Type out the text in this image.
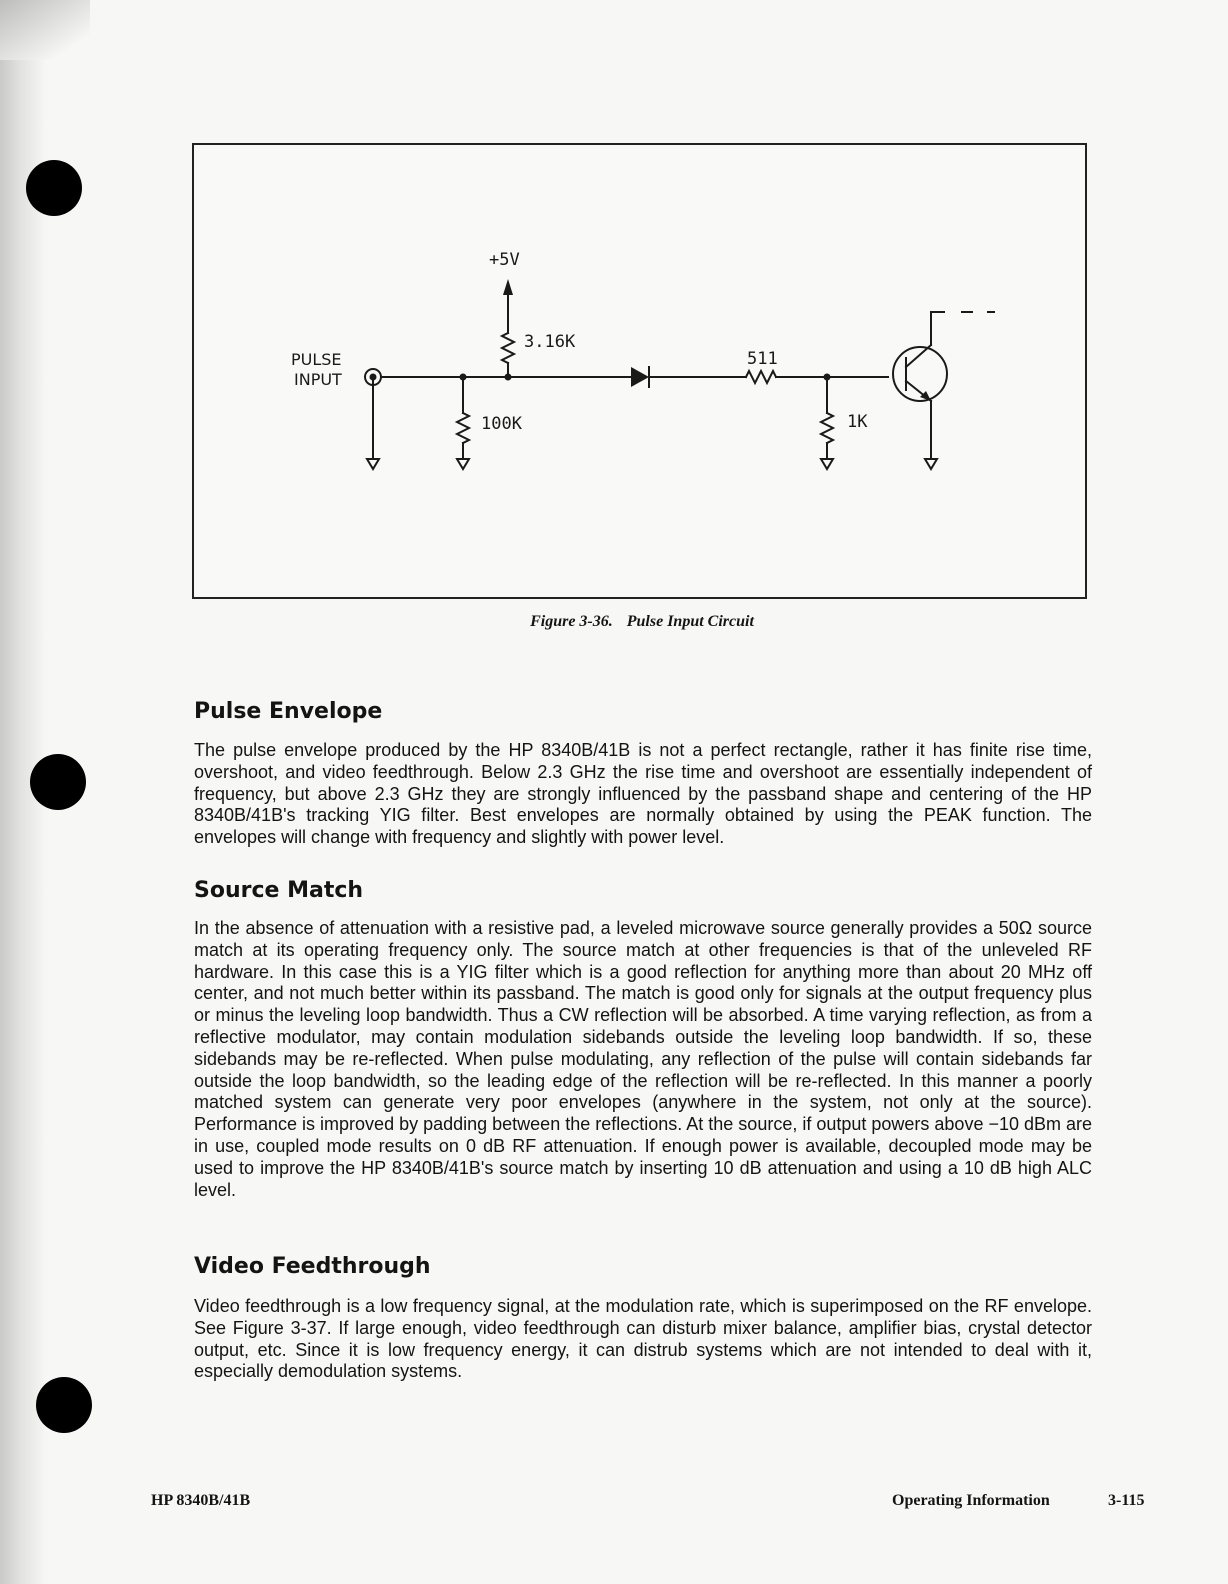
+5V
PULSE
INPUT
3.16K
100K
511
1K
Figure 3-36. Pulse Input Circuit
Pulse Envelope

The pulse envelope produced by the HP 8340B/41B is not a perfect rectangle, rather it has finite rise time, overshoot, and video feedthrough. Below 2.3 GHz the rise time and overshoot are essentially independent of frequency, but above 2.3 GHz they are strongly influenced by the passband shape and centering of the HP 8340B/41B's tracking YIG filter. Best envelopes are normally obtained by using the PEAK function. The envelopes will change with frequency and slightly with power level.

Source Match

In the absence of attenuation with a resistive pad, a leveled microwave source generally provides a 50Ω source match at its operating frequency only. The source match at other frequencies is that of the unleveled RF hardware. In this case this is a YIG filter which is a good reflection for anything more than about 20 MHz off center, and not much better within its passband. The match is good only for signals at the output frequency plus or minus the leveling loop bandwidth. Thus a CW reflection will be absorbed. A time varying reflection, as from a reflective modulator, may contain modulation sidebands outside the leveling loop bandwidth. If so, these sidebands may be re-reflected. When pulse modulating, any reflection of the pulse will contain sidebands far outside the loop bandwidth, so the leading edge of the reflection will be re-reflected. In this manner a poorly matched system can generate very poor envelopes (anywhere in the system, not only at the source). Performance is improved by padding between the reflections. At the source, if output powers above −10 dBm are in use, coupled mode results on 0 dB RF attenuation. If enough power is available, decoupled mode may be used to improve the HP 8340B/41B's source match by inserting 10 dB attenuation and using a 10 dB high ALC level.

Video Feedthrough

Video feedthrough is a low frequency signal, at the modulation rate, which is superimposed on the RF envelope. See Figure 3-37. If large enough, video feedthrough can disturb mixer balance, amplifier bias, crystal detector output, etc. Since it is low frequency energy, it can distrub systems which are not intended to deal with it, especially demodulation systems.

HP 8340B/41B	Operating Information	3-115
